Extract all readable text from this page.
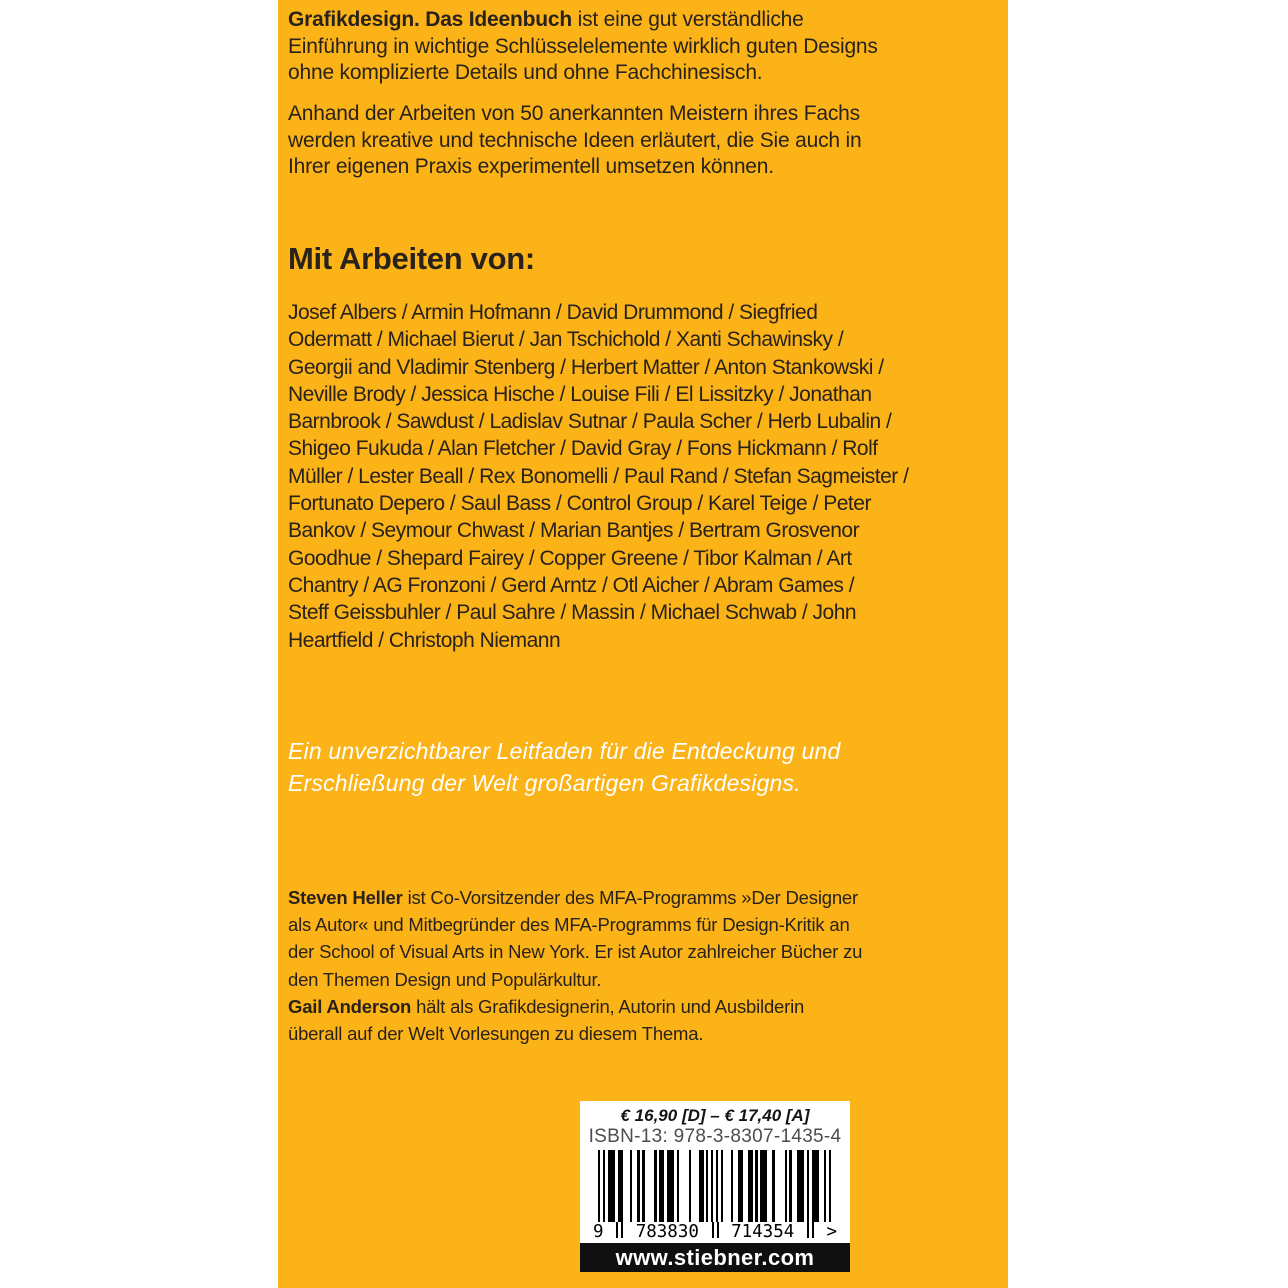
Grafikdesign. Das Ideenbuch ist eine gut verständliche
Einführung in wichtige Schlüsselelemente wirklich guten Designs
ohne komplizierte Details und ohne Fachchinesisch.
Anhand der Arbeiten von 50 anerkannten Meistern ihres Fachs
werden kreative und technische Ideen erläutert, die Sie auch in
Ihrer eigenen Praxis experimentell umsetzen können.
Mit Arbeiten von:
Josef Albers / Armin Hofmann / David Drummond / Siegfried
Odermatt / Michael Bierut / Jan Tschichold / Xanti Schawinsky /
Georgii and Vladimir Stenberg / Herbert Matter / Anton Stankowski /
Neville Brody / Jessica Hische / Louise Fili / El Lissitzky / Jonathan
Barnbrook / Sawdust / Ladislav Sutnar / Paula Scher / Herb Lubalin /
Shigeo Fukuda / Alan Fletcher / David Gray / Fons Hickmann / Rolf
Müller / Lester Beall / Rex Bonomelli / Paul Rand / Stefan Sagmeister /
Fortunato Depero / Saul Bass / Control Group / Karel Teige / Peter
Bankov / Seymour Chwast / Marian Bantjes / Bertram Grosvenor
Goodhue / Shepard Fairey / Copper Greene / Tibor Kalman / Art
Chantry / AG Fronzoni / Gerd Arntz / Otl Aicher / Abram Games /
Steff Geissbuhler / Paul Sahre / Massin / Michael Schwab / John
Heartfield / Christoph Niemann
Ein unverzichtbarer Leitfaden für die Entdeckung und
Erschließung der Welt großartigen Grafikdesigns.
Steven Heller ist Co-Vorsitzender des MFA-Programms »Der Designer
als Autor« und Mitbegründer des MFA-Programms für Design-Kritik an
der School of Visual Arts in New York. Er ist Autor zahlreicher Bücher zu
den Themen Design und Populärkultur.
Gail Anderson hält als Grafikdesignerin, Autorin und Ausbilderin
überall auf der Welt Vorlesungen zu diesem Thema.
€ 16,90 [D] – € 17,40 [A]
ISBN-13: 978-3-8307-1435-4
9 783830 714354 >
www.stiebner.com
